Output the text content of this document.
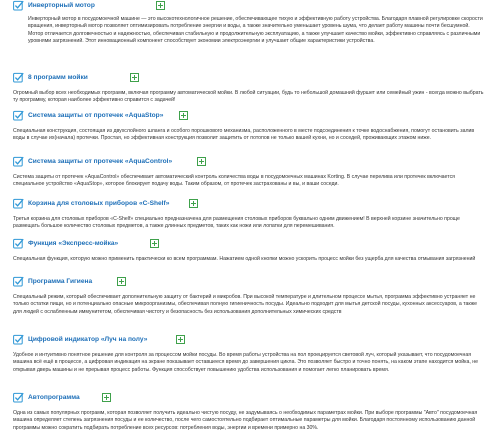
Инверторный мотор
Инверторный мотор в посудомоечной машине — это высокотехнологичное решение, обеспечивающее тихую и эффективную работу устройства. Благодаря плавной регулировке скорости вращения, инверторный мотор позволяет оптимизировать потребление энергии и воды, а также значительно уменьшает уровень шума, что делает работу машины почти бесшумной. Мотор отличается долговечностью и надежностью, обеспечивая стабильную и продолжительную эксплуатацию, а также улучшает качество мойки, эффективно справляясь с различными уровнями загрязнений. Этот инновационный компонент способствует экономии электроэнергии и улучшает общие характеристики устройства.
8 программ мойки
Огромный выбор всех необходимых программ, включая программу автоматической мойки. В любой ситуации, будь то небольшой домашний фуршет или семейный ужин - всегда можно выбрать ту программу, которая наиболее эффективно справится с задачей!
Система защиты от протечек «AquaStop»
Специальная конструкция, состоящая из двухслойного шланга и особого порошкового механизма, расположенного в месте подсоединения к точке водоснабжения, помогут остановить залив воды в случае их(начала) протечки. Простая, но эффективная конструкция позволит защитить от потопов не только вашей кухни, но и соседей, проживающих этажом ниже.
Система защиты от протечек «AquaControl»
Система защиты от протечек «AquaControl» обеспечивает автоматический контроль количества воды в посудомоечных машинах Korting. В случае перелива или протечек включается специальное устройство «AquaStop», которое блокирует подачу воды. Таким образом, от протечек застрахованы и вы, и ваши соседи.
Корзина для столовых приборов «C-Shelf»
Третья корзина для столовых приборов «C-Shelf» специально предназначена для размещения столовых приборов буквально одним движением! В верхней корзине значительно проще размещать большое количество столовых предметов, а также длинных предметов, таких как ножи или лопатки для перемешивания.
Функция «Экспресс-мойка»
Специальная функция, которую можно применить практически ко всем программам. Нажатием одной кнопки можно ускорить процесс мойки без ущерба для качества отмывания загрязнений
Программа Гигиена
Специальный режим, который обеспечивает дополнительную защиту от бактерий и микробов. При высокой температуре и длительном процессе мытья, программа эффективно устраняет не только остатки пищи, но и потенциально опасные микроорганизмы, обеспечивая полную гигиеничность посуды. Идеально подходит для мытья детской посуды, кухонных аксессуаров, а также для людей с ослабленным иммунитетом, обеспечивая чистоту и безопасность без использования дополнительных химических средств
Цифровой индикатор «Луч на полу»
Удобное и интуитивно понятное решение для контроля за процессом мойки посуды. Во время работы устройства на пол проецируется световой луч, который указывает, что посудомоечная машина всё ещё в процессе, а цифровая индикация на экране показывает оставшееся время до завершения цикла. Это позволяет быстро и точно понять, на каком этапе находится мойка, не открывая дверь машины и не прерывая процесс работы. Функция способствует повышению удобства использования и помогает легко планировать время.
Автопрограмма
Одна из самых популярных программ, которая позволяет получить идеально чистую посуду, не задумываясь о необходимых параметрах мойки. При выборе программы "Авто" посудомоечная машина определяет степень загрязнения посуды и ее количество, после чего самостоятельно подбирает оптимальные параметры для мойки. Благодаря постоянному использованию данной программы можно сократить подбирать потребление всех ресурсов: потребления воды, энергии и времени примерно на 30%.
